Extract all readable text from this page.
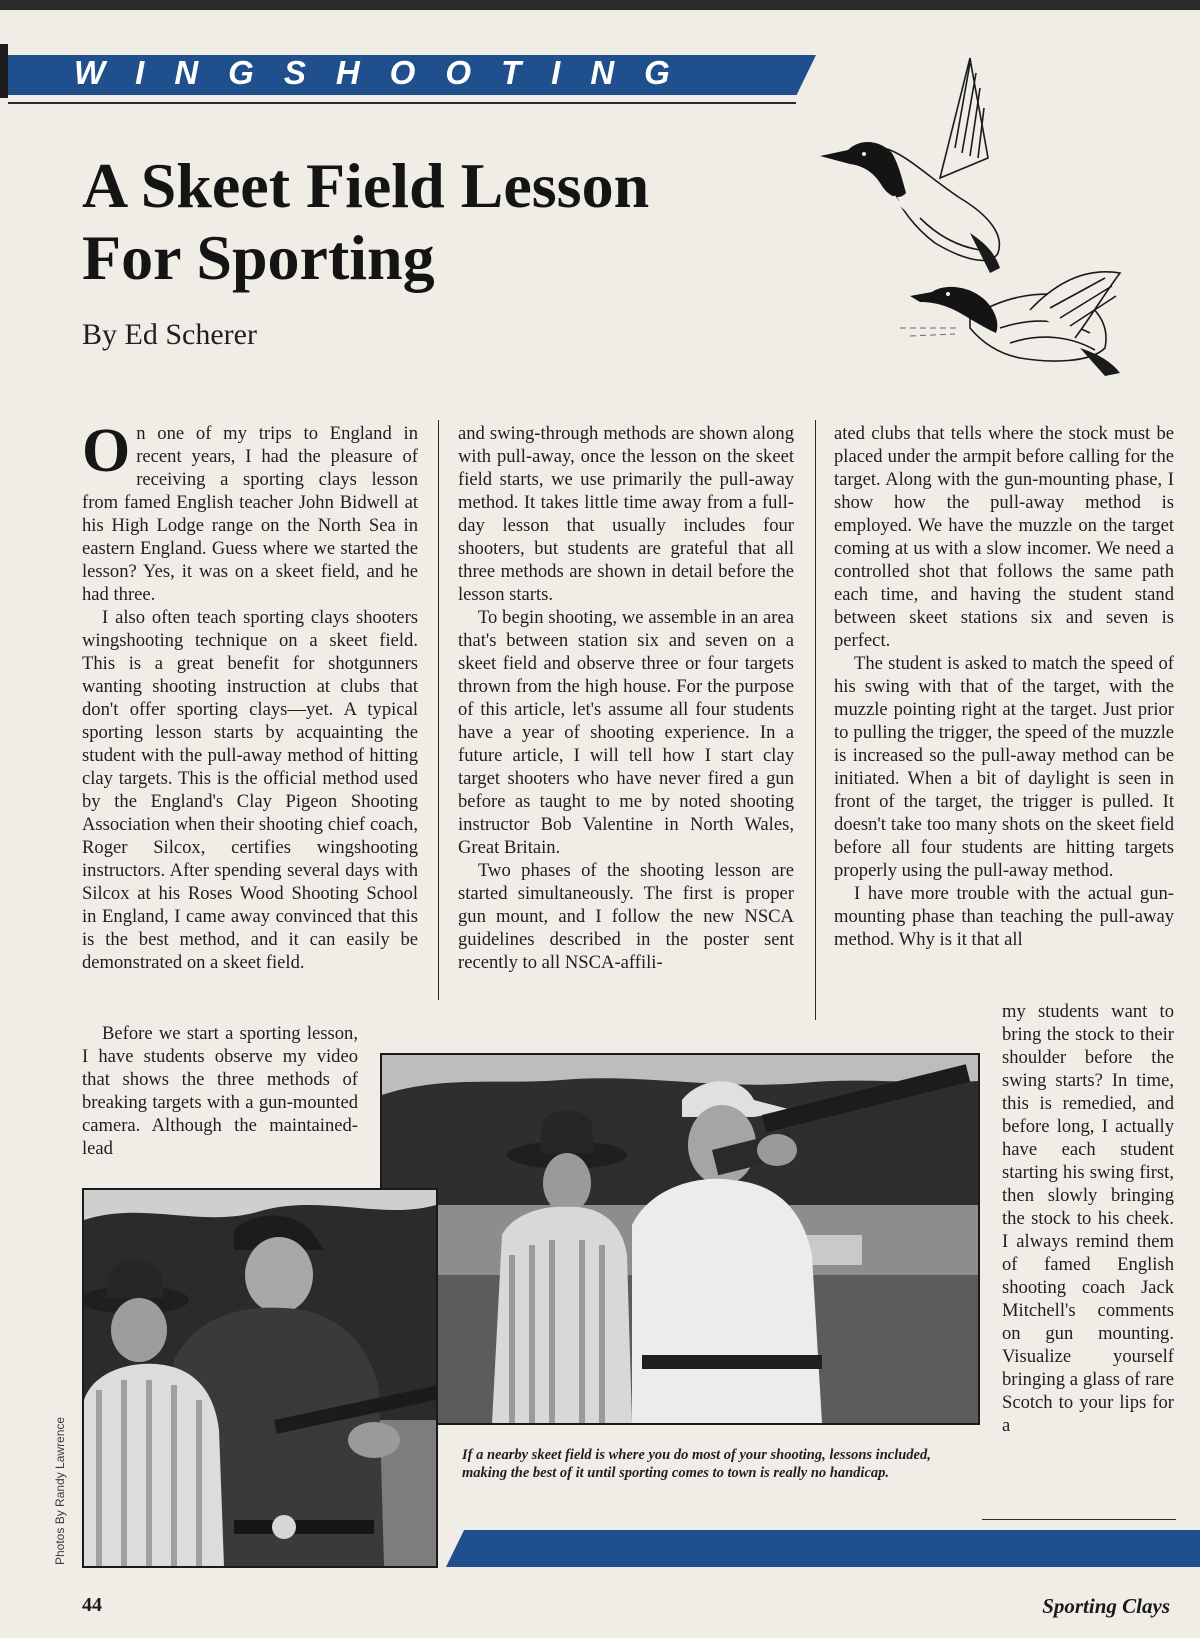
WINGSHOOTING
A Skeet Field Lesson For Sporting
By Ed Scherer

On one of my trips to England in recent years, I had the pleasure of receiving a sporting clays lesson from famed English teacher John Bidwell at his High Lodge range on the North Sea in eastern England. Guess where we started the lesson? Yes, it was on a skeet field, and he had three.

I also often teach sporting clays shooters wingshooting technique on a skeet field. This is a great benefit for shotgunners wanting shooting instruction at clubs that don't offer sporting clays—yet. A typical sporting lesson starts by acquainting the student with the pull-away method of hitting clay targets. This is the official method used by the England's Clay Pigeon Shooting Association when their shooting chief coach, Roger Silcox, certifies wingshooting instructors. After spending several days with Silcox at his Roses Wood Shooting School in England, I came away convinced that this is the best method, and it can easily be demonstrated on a skeet field.

and swing-through methods are shown along with pull-away, once the lesson on the skeet field starts, we use primarily the pull-away method. It takes little time away from a full-day lesson that usually includes four shooters, but students are grateful that all three methods are shown in detail before the lesson starts.

To begin shooting, we assemble in an area that's between station six and seven on a skeet field and observe three or four targets thrown from the high house. For the purpose of this article, let's assume all four students have a year of shooting experience. In a future article, I will tell how I start clay target shooters who have never fired a gun before as taught to me by noted shooting instructor Bob Valentine in North Wales, Great Britain.

Two phases of the shooting lesson are started simultaneously. The first is proper gun mount, and I follow the new NSCA guidelines described in the poster sent recently to all NSCA-affili-

ated clubs that tells where the stock must be placed under the armpit before calling for the target. Along with the gun-mounting phase, I show how the pull-away method is employed. We have the muzzle on the target coming at us with a slow incomer. We need a controlled shot that follows the same path each time, and having the student stand between skeet stations six and seven is perfect.

The student is asked to match the speed of his swing with that of the target, with the muzzle pointing right at the target. Just prior to pulling the trigger, the speed of the muzzle is increased so the pull-away method can be initiated. When a bit of daylight is seen in front of the target, the trigger is pulled. It doesn't take too many shots on the skeet field before all four students are hitting targets properly using the pull-away method.

I have more trouble with the actual gun-mounting phase than teaching the pull-away method. Why is it that all

Before we start a sporting lesson, I have students observe my video that shows the three methods of breaking targets with a gun-mounted camera. Although the maintained-lead

my students want to bring the stock to their shoulder before the swing starts? In time, this is remedied, and before long, I actually have each student starting his swing first, then slowly bringing the stock to his cheek. I always remind them of famed English shooting coach Jack Mitchell's comments on gun mounting. Visualize yourself bringing a glass of rare Scotch to your lips for a

If a nearby skeet field is where you do most of your shooting, lessons included, making the best of it until sporting comes to town is really no handicap.

Photos By Randy Lawrence
44	Sporting Clays
